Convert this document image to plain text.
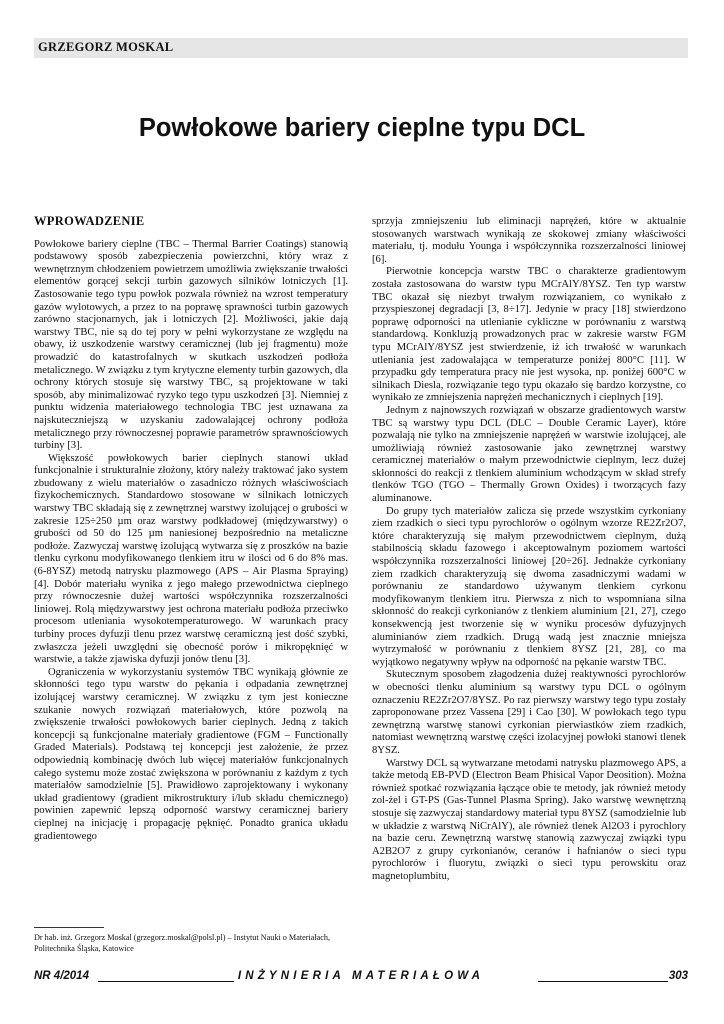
GRZEGORZ MOSKAL
Powłokowe bariery cieplne typu DCL
WPROWADZENIE

Powłokowe bariery cieplne (TBC – Thermal Barrier Coatings) stanowią podstawowy sposób zabezpieczenia powierzchni, który wraz z wewnętrznym chłodzeniem powietrzem umożliwia zwiększanie trwałości elementów gorącej sekcji turbin gazowych silników lotniczych [1]. Zastosowanie tego typu powłok pozwala również na wzrost temperatury gazów wylotowych, a przez to na poprawę sprawności turbin gazowych zarówno stacjonarnych, jak i lotniczych [2]. Możliwości, jakie dają warstwy TBC, nie są do tej pory w pełni wykorzystane ze względu na obawy, iż uszkodzenie warstwy ceramicznej (lub jej fragmentu) może prowadzić do katastrofalnych w skutkach uszkodzeń podłoża metalicznego. W związku z tym krytyczne elementy turbin gazowych, dla ochrony których stosuje się warstwy TBC, są projektowane w taki sposób, aby minimalizować ryzyko tego typu uszkodzeń [3]. Niemniej z punktu widzenia materiałowego technologia TBC jest uznawana za najskuteczniejszą w uzyskaniu zadowalającej ochrony podłoża metalicznego przy równoczesnej poprawie parametrów sprawnościowych turbiny [3].

Większość powłokowych barier cieplnych stanowi układ funkcjonalnie i strukturalnie złożony, który należy traktować jako system zbudowany z wielu materiałów o zasadniczo różnych właściwościach fizykochemicznych. Standardowo stosowane w silnikach lotniczych warstwy TBC składają się z zewnętrznej warstwy izolującej o grubości w zakresie 125÷250 µm oraz warstwy podkładowej (międzywarstwy) o grubości od 50 do 125 µm naniesionej bezpośrednio na metaliczne podłoże. Zazwyczaj warstwę izolującą wytwarza się z proszków na bazie tlenku cyrkonu modyfikowanego tlenkiem itru w ilości od 6 do 8% mas. (6-8YSZ) metodą natrysku plazmowego (APS – Air Plasma Spraying) [4]. Dobór materiału wynika z jego małego przewodnictwa cieplnego przy równoczesnie dużej wartości współczynnika rozszerzalności liniowej. Rolą międzywarstwy jest ochrona materiału podłoża przeciwko procesom utleniania wysokotemperaturowego. W warunkach pracy turbiny proces dyfuzji tlenu przez warstwę ceramiczną jest dość szybki, zwłaszcza jeżeli uwzględni się obecność porów i mikropęknięć w warstwie, a także zjawiska dyfuzji jonów tlenu [3].

Ograniczenia w wykorzystaniu systemów TBC wynikają głównie ze skłonności tego typu warstw do pękania i odpadania zewnętrznej izolującej warstwy ceramicznej. W związku z tym jest konieczne szukanie nowych rozwiązań materiałowych, które pozwolą na zwiększenie trwałości powłokowych barier cieplnych. Jedną z takich koncepcji są funkcjonalne materiały gradientowe (FGM – Functionally Graded Materials). Podstawą tej koncepcji jest założenie, że przez odpowiednią kombinację dwóch lub więcej materiałów funkcjonalnych całego systemu może zostać zwiększona w porównaniu z każdym z tych materiałów samodzielnie [5]. Prawidłowo zaprojektowany i wykonany układ gradientowy (gradient mikrostruktury i/lub składu chemicznego) powinien zapewnić lepszą odporność warstwy ceramicznej bariery cieplnej na inicjację i propagację pęknięć. Ponadto granica układu gradientowego

sprzyja zmniejszeniu lub eliminacji naprężeń, które w aktualnie stosowanych warstwach wynikają ze skokowej zmiany właściwości materiału, tj. modułu Younga i współczynnika rozszerzalności liniowej [6].

Pierwotnie koncepcja warstw TBC o charakterze gradientowym została zastosowana do warstw typu MCrAlY/8YSZ. Ten typ warstw TBC okazał się niezbyt trwałym rozwiązaniem, co wynikało z przyspieszonej degradacji [3, 8÷17]. Jedynie w pracy [18] stwierdzono poprawę odporności na utlenianie cykliczne w porównaniu z warstwą standardową. Konkluzją prowadzonych prac w zakresie warstw FGM typu MCrAlY/8YSZ jest stwierdzenie, iż ich trwałość w warunkach utleniania jest zadowalająca w temperaturze poniżej 800°C [11]. W przypadku gdy temperatura pracy nie jest wysoka, np. poniżej 600°C w silnikach Diesla, rozwiązanie tego typu okazało się bardzo korzystne, co wynikało ze zmniejszenia naprężeń mechanicznych i cieplnych [19].

Jednym z najnowszych rozwiązań w obszarze gradientowych warstw TBC są warstwy typu DCL (DLC – Double Ceramic Layer), które pozwalają nie tylko na zmniejszenie naprężeń w warstwie izolującej, ale umożliwiają również zastosowanie jako zewnętrznej warstwy ceramicznej materiałów o małym przewodnictwie cieplnym, lecz dużej skłonności do reakcji z tlenkiem aluminium wchodzącym w skład strefy tlenków TGO (TGO – Thermally Grown Oxides) i tworzących fazy aluminanowe.

Do grupy tych materiałów zalicza się przede wszystkim cyrkoniany ziem rzadkich o sieci typu pyrochlorów o ogólnym wzorze RE2Zr2O7, które charakteryzują się małym przewodnictwem cieplnym, dużą stabilnością składu fazowego i akceptowalnym poziomem wartości współczynnika rozszerzalności liniowej [20÷26]. Jednakże cyrkoniany ziem rzadkich charakteryzują się dwoma zasadniczymi wadami w porównaniu ze standardowo używanym tlenkiem cyrkonu modyfikowanym tlenkiem itru. Pierwsza z nich to wspomniana silna skłonność do reakcji cyrkonianów z tlenkiem aluminium [21, 27], czego konsekwencją jest tworzenie się w wyniku procesów dyfuzyjnych aluminianów ziem rzadkich. Drugą wadą jest znacznie mniejsza wytrzymałość w porównaniu z tlenkiem 8YSZ [21, 28], co ma wyjątkowo negatywny wpływ na odporność na pękanie warstw TBC.

Skutecznym sposobem złagodzenia dużej reaktywności pyrochlorów w obecności tlenku aluminium są warstwy typu DCL o ogólnym oznaczeniu RE2Zr2O7/8YSZ. Po raz pierwszy warstwy tego typu zostały zaproponowane przez Vassena [29] i Cao [30]. W powłokach tego typu zewnętrzną warstwę stanowi cyrkonian pierwiastków ziem rzadkich, natomiast wewnętrzną warstwę części izolacyjnej powłoki stanowi tlenek 8YSZ.

Warstwy DCL są wytwarzane metodami natrysku plazmowego APS, a także metodą EB-PVD (Electron Beam Phisical Vapor Deosition). Można również spotkać rozwiązania łączące obie te metody, jak również metody zol-żel i GT-PS (Gas-Tunnel Plasma Spring). Jako warstwę wewnętrzną stosuje się zazwyczaj standardowy materiał typu 8YSZ (samodzielnie lub w układzie z warstwą NiCrAlY), ale również tlenek Al2O3 i pyrochlory na bazie ceru. Zewnętrzną warstwę stanowią zazwyczaj związki typu A2B2O7 z grupy cyrkonianów, ceranów i hafnianów o sieci typu pyrochlorów i fluorytu, związki o sieci typu perowskitu oraz magnetoplumbitu,

Dr hab. inż. Grzegorz Moskal (grzegorz.moskal@polsl.pl) – Instytut Nauki o Materiałach, Politechnika Śląska, Katowice
NR 4/2014	INŻYNIERIA MATERIAŁOWA	303
